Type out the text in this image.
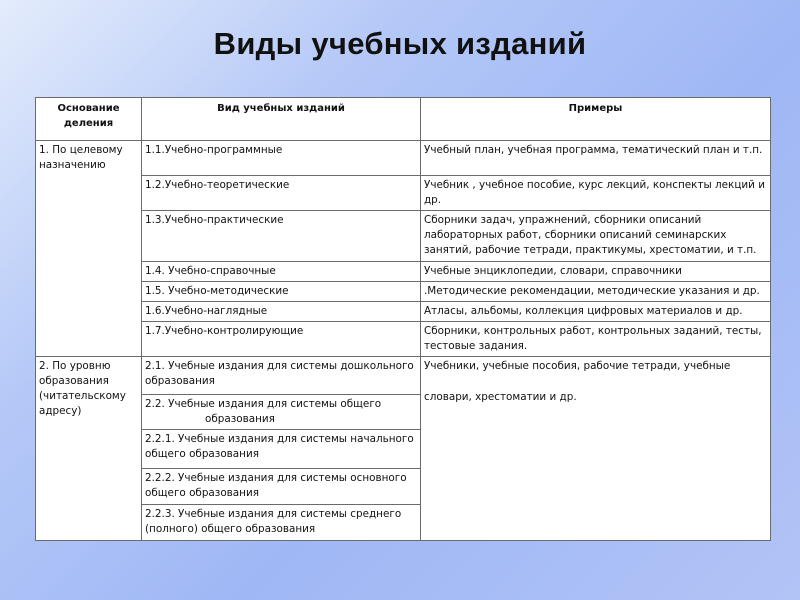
Виды учебных изданий
Основание деления	Вид учебных изданий	Примеры
1. По целевому назначению	1.1.Учебно-программные	Учебный план, учебная программа, тематический план и т.п.
	1.2.Учебно-теоретические	Учебник , учебное пособие, курс лекций, конспекты лекций и др.
	1.3.Учебно-практические	Сборники задач, упражнений, сборники описаний лабораторных работ, сборники описаний семинарских занятий, рабочие тетради, практикумы, хрестоматии, и т.п.
	1.4. Учебно-справочные	Учебные энциклопедии, словари, справочники
	1.5. Учебно-методические	.Методические рекомендации, методические указания и др.
	1.6.Учебно-наглядные	Атласы, альбомы, коллекция цифровых материалов и др.
	1.7.Учебно-контролирующие	Сборники, контрольных работ, контрольных заданий, тесты, тестовые задания.
2. По уровню образования (читательскому адресу)	2.1. Учебные издания для системы дошкольного образования	Учебники, учебные пособия, рабочие тетради, учебные
словари, хрестоматии и др.
	2.2. Учебные издания для системы общего
образования	
	2.2.1. Учебные издания для системы начального общего образования	
	2.2.2. Учебные издания для системы основного общего образования	
	2.2.3. Учебные издания для системы среднего (полного) общего образования	
